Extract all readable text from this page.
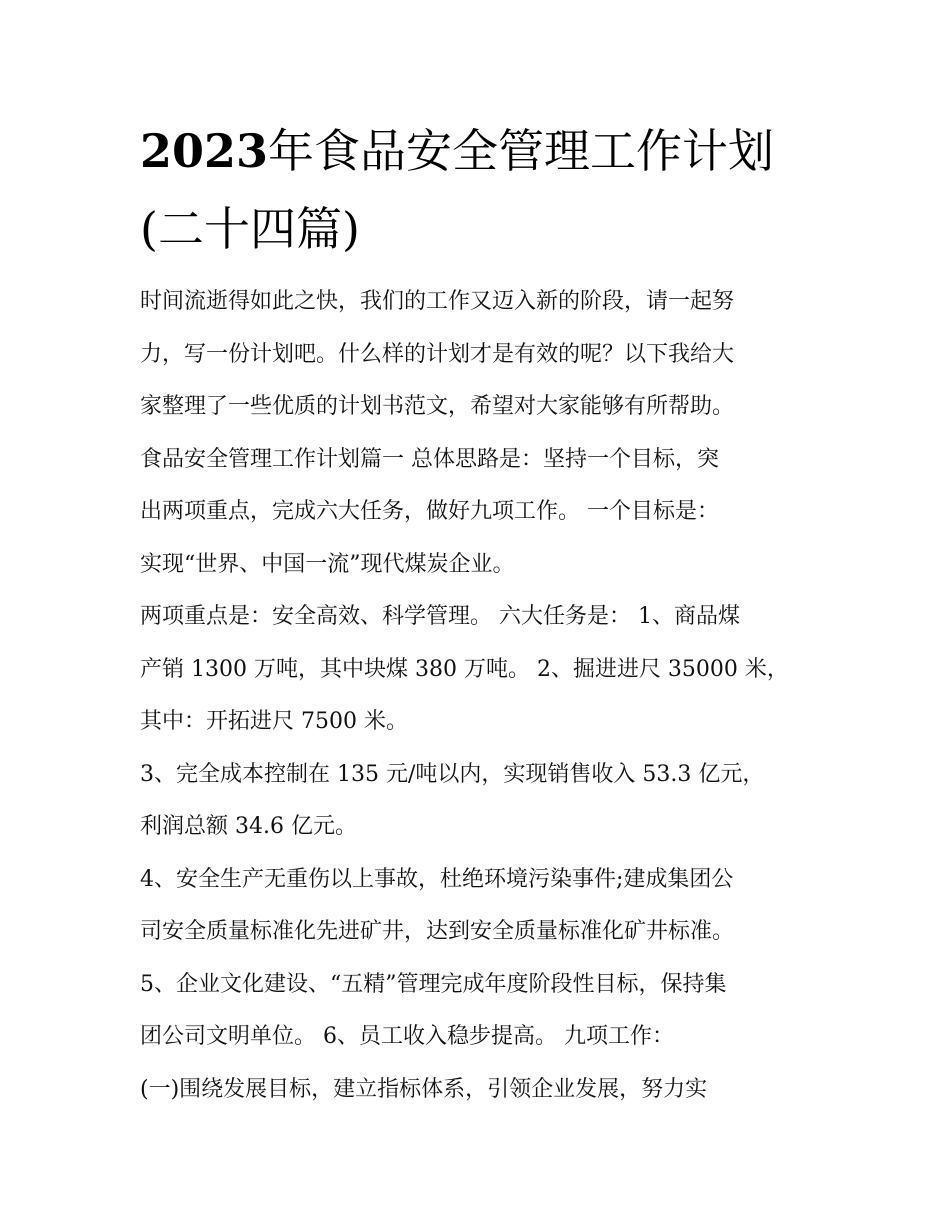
2023年食品安全管理工作计划
(二十四篇)
时间流逝得如此之快，我们的工作又迈入新的阶段，请一起努
力，写一份计划吧。什么样的计划才是有效的呢？以下我给大
家整理了一些优质的计划书范文，希望对大家能够有所帮助。
食品安全管理工作计划篇一 总体思路是：坚持一个目标，突
出两项重点，完成六大任务，做好九项工作。 一个目标是：
实现“世界、中国一流”现代煤炭企业。
两项重点是：安全高效、科学管理。 六大任务是： 1、商品煤
产销 1300 万吨，其中块煤 380 万吨。 2、掘进进尺 35000 米，
其中：开拓进尺 7500 米。
3、完全成本控制在 135 元/吨以内，实现销售收入 53.3 亿元，
利润总额 34.6 亿元。
4、安全生产无重伤以上事故，杜绝环境污染事件;建成集团公
司安全质量标准化先进矿井，达到安全质量标准化矿井标准。
5、企业文化建设、“五精”管理完成年度阶段性目标，保持集
团公司文明单位。 6、员工收入稳步提高。 九项工作：
(一)围绕发展目标，建立指标体系，引领企业发展，努力实
